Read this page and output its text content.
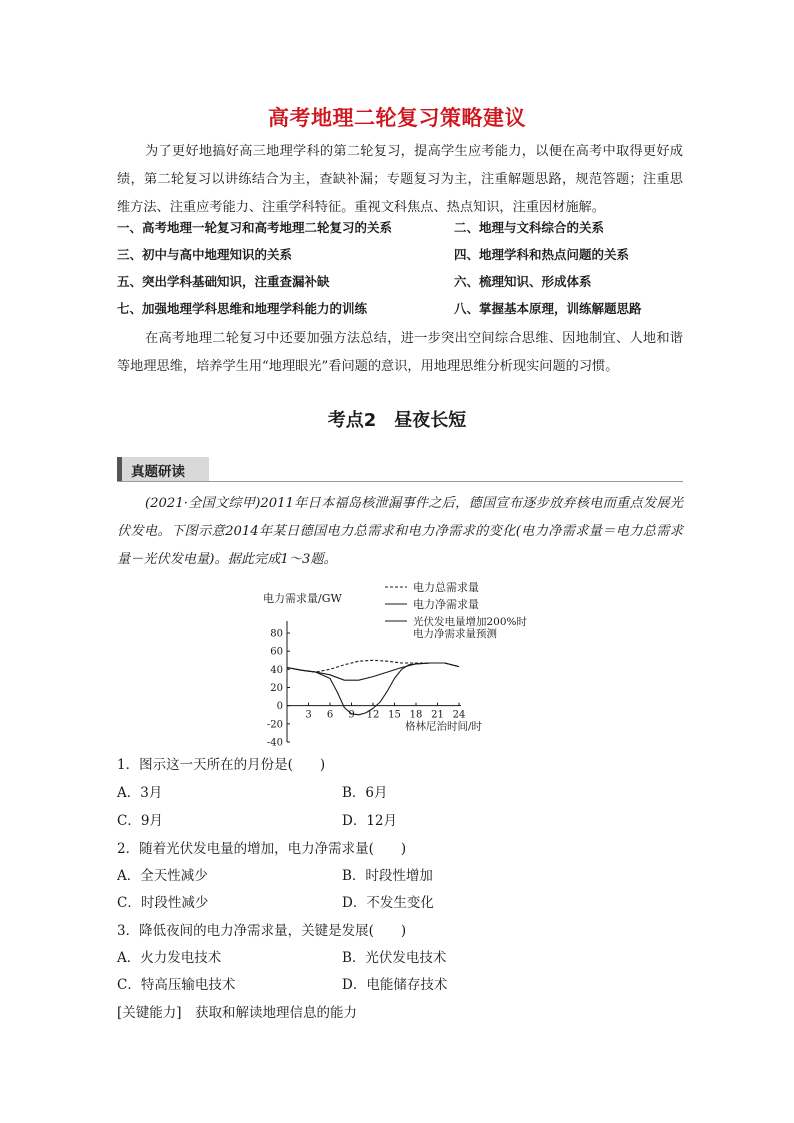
高考地理二轮复习策略建议
为了更好地搞好高三地理学科的第二轮复习，提高学生应考能力，以便在高考中取得更好成绩，第二轮复习以讲练结合为主，查缺补漏；专题复习为主，注重解题思路，规范答题；注重思维方法、注重应考能力、注重学科特征。重视文科焦点、热点知识，注重因材施解。
一、高考地理一轮复习和高考地理二轮复习的关系	二、地理与文科综合的关系
三、初中与高中地理知识的关系	四、地理学科和热点问题的关系
五、突出学科基础知识，注重查漏补缺	六、梳理知识、形成体系
七、加强地理学科思维和地理学科能力的训练	八、掌握基本原理，训练解题思路
在高考地理二轮复习中还要加强方法总结，进一步突出空间综合思维、因地制宜、人地和谐等地理思维，培养学生用“地理眼光”看问题的意识，用地理思维分析现实问题的习惯。
考点2　昼夜长短
真题研读
(2021·全国文综甲)2011年日本福岛核泄漏事件之后，德国宣布逐步放弃核电而重点发展光伏发电。下图示意2014年某日德国电力总需求和电力净需求的变化(电力净需求量＝电力总需求量－光伏发电量)。据此完成1～3题。
80
60
40
20
0
-20
-40
3 6 9 12 15 18 21 24
电力需求量/GW
格林尼治时间/时
电力总需求量
电力净需求量
光伏发电量增加200%时
电力净需求量预测
1．图示这一天所在的月份是(　　)
A．3月	B．6月
C．9月	D．12月
2．随着光伏发电量的增加，电力净需求量(　　)
A．全天性减少	B．时段性增加
C．时段性减少	D．不发生变化
3．降低夜间的电力净需求量，关键是发展(　　)
A．火力发电技术	B．光伏发电技术
C．特高压输电技术	D．电能储存技术
[关键能力]　获取和解读地理信息的能力
